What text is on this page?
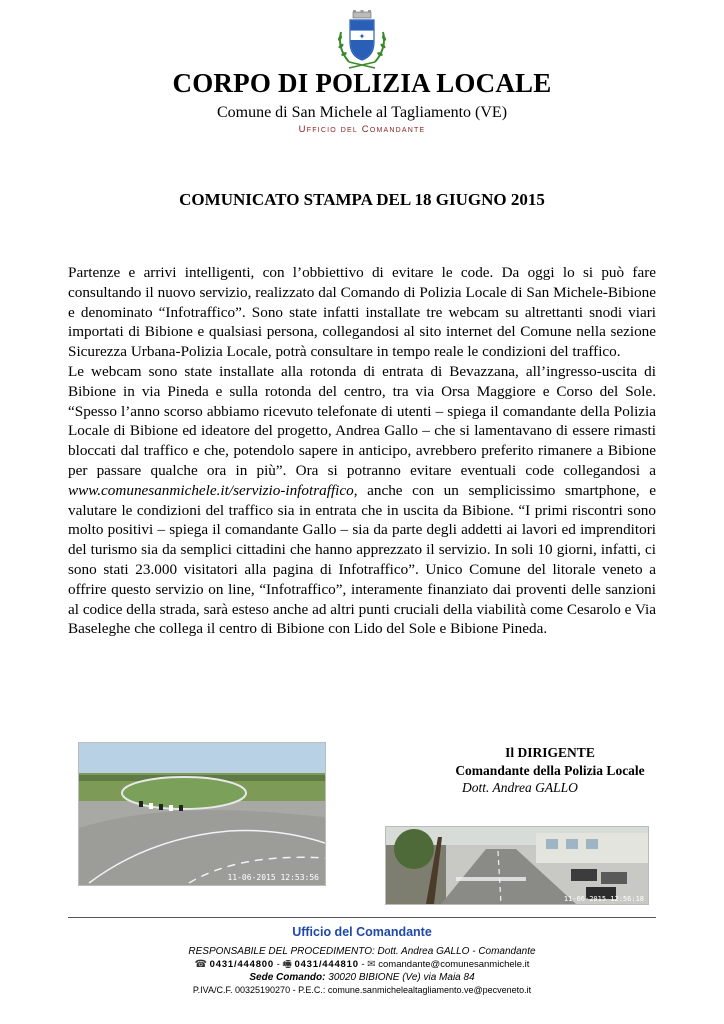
✦
CORPO DI POLIZIA LOCALE
Comune di San Michele al Tagliamento (VE)
Ufficio del Comandante
COMUNICATO STAMPA DEL 18 GIUGNO 2015

Partenze e arrivi intelligenti, con l’obbiettivo di evitare le code. Da oggi lo si può fare consultando il nuovo servizio, realizzato dal Comando di Polizia Locale di San Michele-Bibione e denominato “Infotraffico”. Sono state infatti installate tre webcam su altrettanti snodi viari importati di Bibione e qualsiasi persona, collegandosi al sito internet del Comune nella sezione Sicurezza Urbana-Polizia Locale, potrà consultare in tempo reale le condizioni del traffico.

Le webcam sono state installate alla rotonda di entrata di Bevazzana, all’ingresso-uscita di Bibione in via Pineda e sulla rotonda del centro, tra via Orsa Maggiore e Corso del Sole. “Spesso l’anno scorso abbiamo ricevuto telefonate di utenti – spiega il comandante della Polizia Locale di Bibione ed ideatore del progetto, Andrea Gallo – che si lamentavano di essere rimasti bloccati dal traffico e che, potendolo sapere in anticipo, avrebbero preferito rimanere a Bibione per passare qualche ora in più”. Ora si potranno evitare eventuali code collegandosi a www.comunesanmichele.it/servizio-infotraffico, anche con un semplicissimo smartphone, e valutare le condizioni del traffico sia in entrata che in uscita da Bibione. “I primi riscontri sono molto positivi – spiega il comandante Gallo – sia da parte degli addetti ai lavori ed imprenditori del turismo sia da semplici cittadini che hanno apprezzato il servizio. In soli 10 giorni, infatti, ci sono stati 23.000 visitatori alla pagina di Infotraffico”. Unico Comune del litorale veneto a offrire questo servizio on line, “Infotraffico”, interamente finanziato dai proventi delle sanzioni al codice della strada, sarà esteso anche ad altri punti cruciali della viabilità come Cesarolo e Via Baseleghe che collega il centro di Bibione con Lido del Sole e Bibione Pineda.

11-06-2015 12:53:56
11-06-2015 12:56:18
Il DIRIGENTE
Comandante della Polizia Locale
Dott. Andrea GALLO
Ufficio del Comandante
RESPONSABILE DEL PROCEDIMENTO: Dott. Andrea GALLO - Comandante
☎ 0431/444800 - 🖷 0431/444810 - ✉ comandante@comunesanmichele.it
Sede Comando: 30020 BIBIONE (Ve) via Maia 84
P.IVA/C.F. 00325190270 - P.E.C.: comune.sanmichelealtagliamento.ve@pecveneto.it
